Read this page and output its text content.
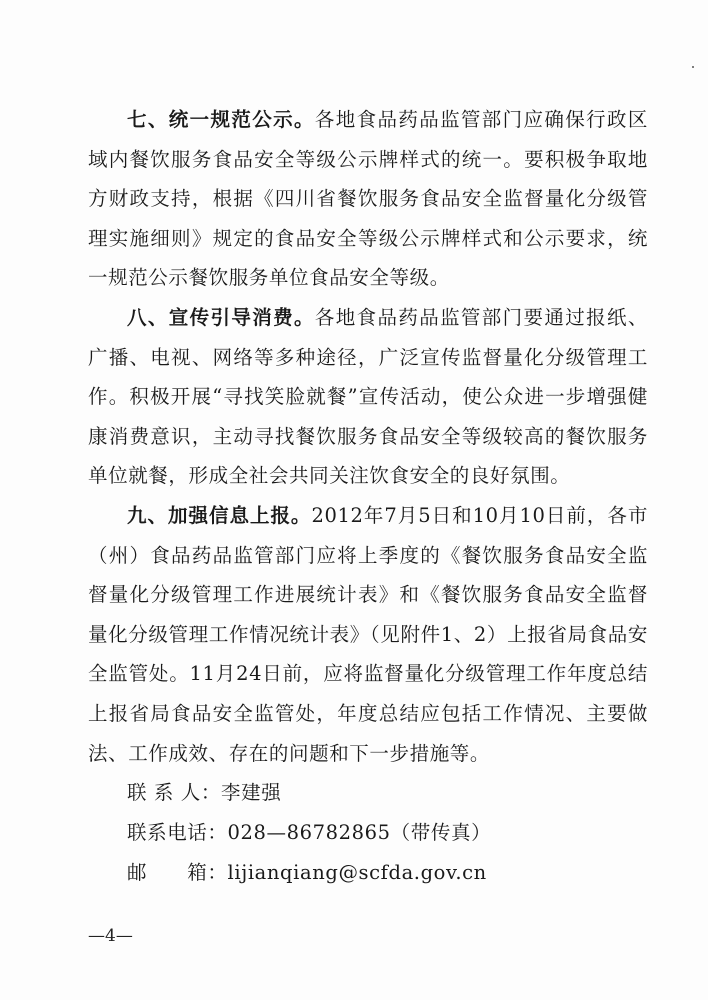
七、统一规范公示。各地食品药品监管部门应确保行政区域内餐饮服务食品安全等级公示牌样式的统一。要积极争取地方财政支持，根据《四川省餐饮服务食品安全监督量化分级管理实施细则》规定的食品安全等级公示牌样式和公示要求，统一规范公示餐饮服务单位食品安全等级。

八、宣传引导消费。各地食品药品监管部门要通过报纸、广播、电视、网络等多种途径，广泛宣传监督量化分级管理工作。积极开展“寻找笑脸就餐”宣传活动，使公众进一步增强健康消费意识，主动寻找餐饮服务食品安全等级较高的餐饮服务单位就餐，形成全社会共同关注饮食安全的良好氛围。

九、加强信息上报。2012年7月5日和10月10日前，各市（州）食品药品监管部门应将上季度的《餐饮服务食品安全监督量化分级管理工作进展统计表》和《餐饮服务食品安全监督量化分级管理工作情况统计表》（见附件1、2）上报省局食品安全监管处。11月24日前，应将监督量化分级管理工作年度总结上报省局食品安全监管处，年度总结应包括工作情况、主要做法、工作成效、存在的问题和下一步措施等。

联 系 人：李建强

联系电话：028—86782865（带传真）

邮　　箱：lijianqiang@scfda.gov.cn

—4—
